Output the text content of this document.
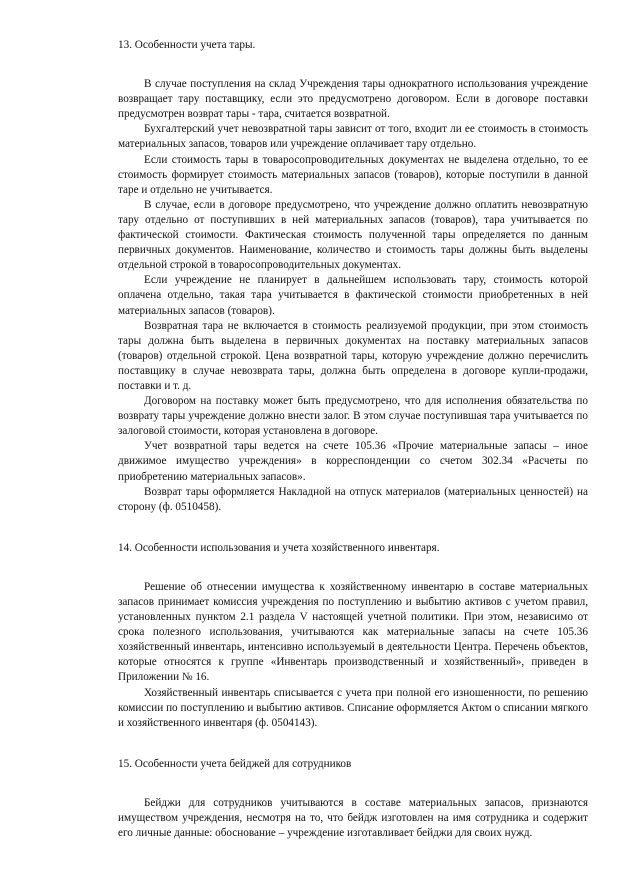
13. Особенности учета тары.

В случае поступления на склад Учреждения тары однократного использования учреждение возвращает тару поставщику, если это предусмотрено договором. Если в договоре поставки предусмотрен возврат тары - тара, считается возвратной.

Бухгалтерский учет невозвратной тары зависит от того, входит ли ее стоимость в стоимость материальных запасов, товаров или учреждение оплачивает тару отдельно.

Если стоимость тары в товаросопроводительных документах не выделена отдельно, то ее стоимость формирует стоимость материальных запасов (товаров), которые поступили в данной таре и отдельно не учитывается.

В случае, если в договоре предусмотрено, что учреждение должно оплатить невозвратную тару отдельно от поступивших в ней материальных запасов (товаров), тара учитывается по фактической стоимости. Фактическая стоимость полученной тары определяется по данным первичных документов. Наименование, количество и стоимость тары должны быть выделены отдельной строкой в товаросопроводительных документах.

Если учреждение не планирует в дальнейшем использовать тару, стоимость которой оплачена отдельно, такая тара учитывается в фактической стоимости приобретенных в ней материальных запасов (товаров).

Возвратная тара не включается в стоимость реализуемой продукции, при этом стоимость тары должна быть выделена в первичных документах на поставку материальных запасов (товаров) отдельной строкой. Цена возвратной тары, которую учреждение должно перечислить поставщику в случае невозврата тары, должна быть определена в договоре купли-продажи, поставки и т. д.

Договором на поставку может быть предусмотрено, что для исполнения обязательства по возврату тары учреждение должно внести залог. В этом случае поступившая тара учитывается по залоговой стоимости, которая установлена в договоре.

Учет возвратной тары ведется на счете 105.36 «Прочие материальные запасы – иное движимое имущество учреждения» в корреспонденции со счетом 302.34 «Расчеты по приобретению материальных запасов».

Возврат тары оформляется Накладной на отпуск материалов (материальных ценностей) на сторону (ф. 0510458).

14. Особенности использования и учета хозяйственного инвентаря.

Решение об отнесении имущества к хозяйственному инвентарю в составе материальных запасов принимает комиссия учреждения по поступлению и выбытию активов с учетом правил, установленных пунктом 2.1 раздела V настоящей учетной политики. При этом, независимо от срока полезного использования, учитываются как материальные запасы на счете 105.36 хозяйственный инвентарь, интенсивно используемый в деятельности Центра. Перечень объектов, которые относятся к группе «Инвентарь производственный и хозяйственный», приведен в Приложении № 16.

Хозяйственный инвентарь списывается с учета при полной его изношенности, по решению комиссии по поступлению и выбытию активов. Списание оформляется Актом о списании мягкого и хозяйственного инвентаря (ф. 0504143).

15. Особенности учета бейджей для сотрудников

Бейджи для сотрудников учитываются в составе материальных запасов, признаются имуществом учреждения, несмотря на то, что бейдж изготовлен на имя сотрудника и содержит его личные данные: обоснование – учреждение изготавливает бейджи для своих нужд.
